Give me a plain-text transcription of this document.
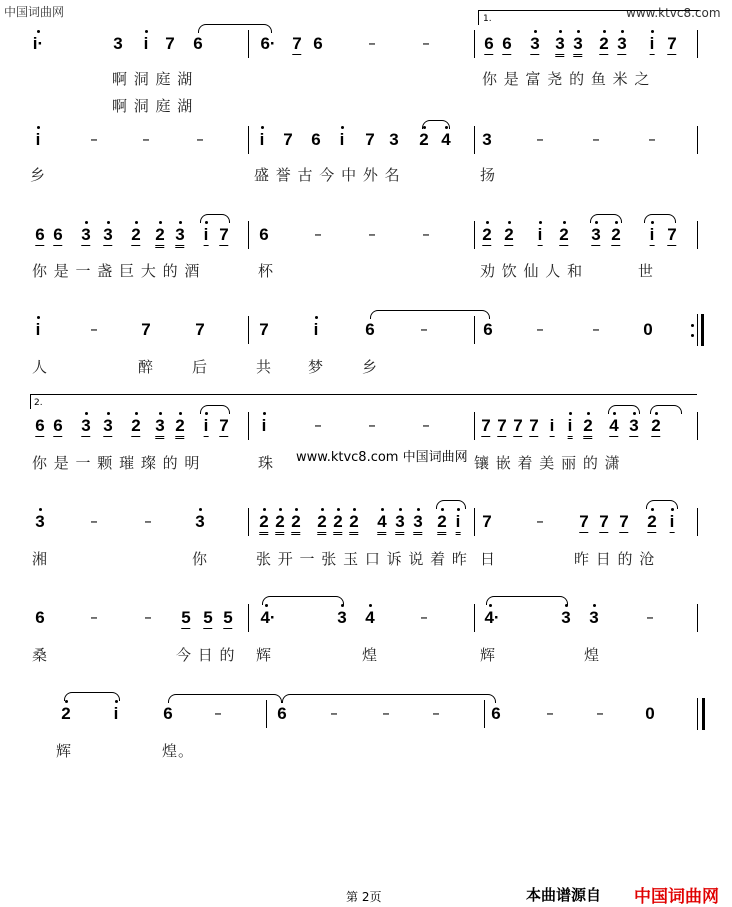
中国词曲网	www.ktvc8.com
i·	3 i 7 6	6· 7 6	–	–
1.
6 6 3 3 3 2 3 i 7
啊 洞 庭 湖	你 是 富 尧 的 鱼 米 之
啊 洞 庭 湖
i	–	–	–	i 7 6 i 7 3 2 4 3	–	–	–
乡	盛 誉 古 今 中 外 名	扬
6 6 3 3 2 2 3 i 7 6	–	–	–	2 2 i 2 3 2 i 7
你 是 一 盏 巨 大 的 酒	杯	劝 饮 仙 人 和	世
i	–	7	7	7	i	6	–	6	–	–	0
人	醉	后	共 梦	乡
2.
6 6 3 3 2 3 2 i 7 i	–	–	–	7 7 7 7 i i 2 4 3 2
你 是 一 颗 璀 璨 的 明	珠	镶 嵌 着 美 丽 的 潇
www.ktvc8.com 中国词曲网
3	–	–	3	2 2 2 2 2 2 4 3 3 2 i 7	– 7 7 7 2 i
湘	你	张 开 一 张 玉 口 诉 说 着 昨 日	昨 日 的 沧
6	–	– 5 5 5 4·	3 4	–	4·	3 3	–
桑	今 日 的 辉	煌	辉	煌
2	i	6	–	6	–	–	–	6	–	– 0
辉	煌。
第 2页	本曲谱源自 中国词曲网
